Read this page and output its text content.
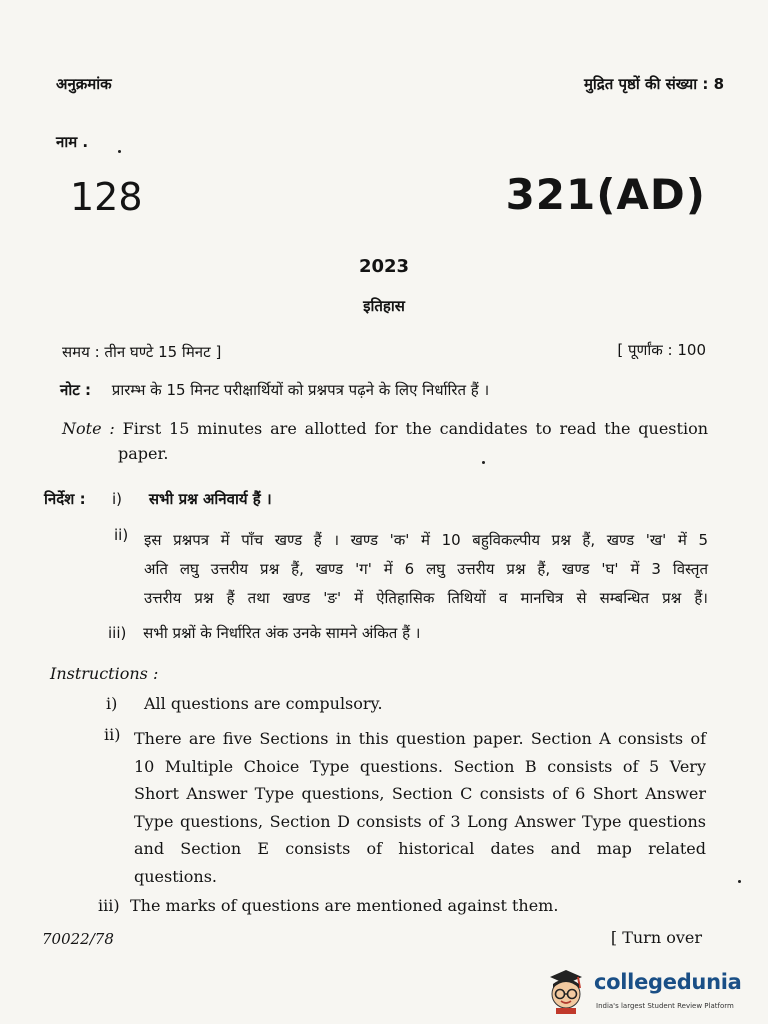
अनुक्रमांक	मुद्रित पृष्ठों की संख्या : 8
नाम .
128	321(AD)
2023
इतिहास
समय : तीन घण्टे 15 मिनट ]	[ पूर्णांक : 100
नोट : प्रारम्भ के 15 मिनट परीक्षार्थियों को प्रश्नपत्र पढ़ने के लिए निर्धारित हैं ।
Note : First 15 minutes are allotted for the candidates to read the question
paper.
निर्देश : i) सभी प्रश्न अनिवार्य हैं ।
ii) इस प्रश्नपत्र में पाँच खण्ड हैं । खण्ड 'क' में 10 बहुविकल्पीय प्रश्न हैं, खण्ड 'ख' में 5
अति लघु उत्तरीय प्रश्न हैं, खण्ड 'ग' में 6 लघु उत्तरीय प्रश्न हैं, खण्ड 'घ' में 3 विस्तृत
उत्तरीय प्रश्न हैं तथा खण्ड 'ङ' में ऐतिहासिक तिथियों व मानचित्र से सम्बन्धित प्रश्न हैं।
iii) सभी प्रश्नों के निर्धारित अंक उनके सामने अंकित हैं ।
Instructions :
i) All questions are compulsory.
ii) There are five Sections in this question paper. Section A consists of
10 Multiple Choice Type questions. Section B consists of 5 Very
Short Answer Type questions, Section C consists of 6 Short Answer
Type questions, Section D consists of 3 Long Answer Type questions
and Section E consists of historical dates and map related
questions.
iii) The marks of questions are mentioned against them.
70022/78	[ Turn over
collegedunia
India's largest Student Review Platform
